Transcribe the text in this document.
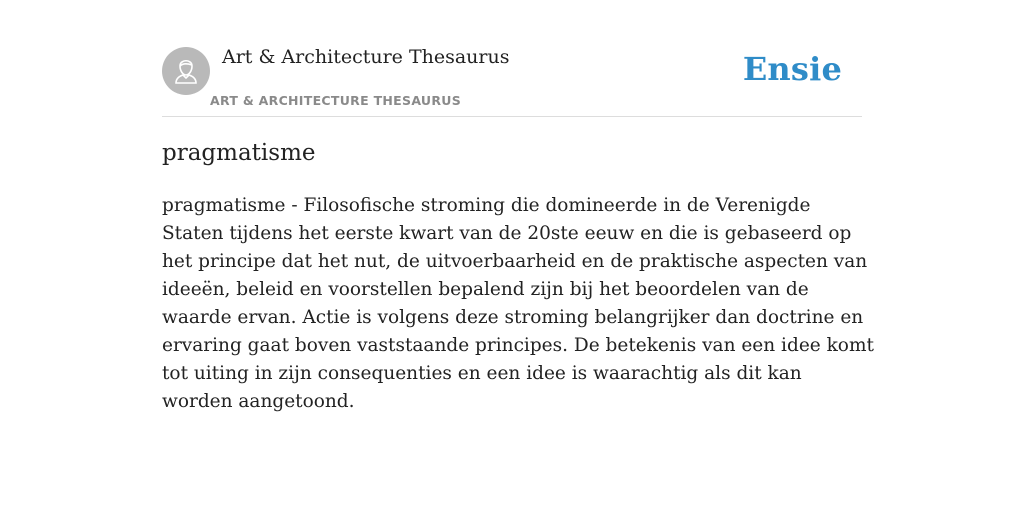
Art & Architecture Thesaurus
ART & ARCHITECTURE THESAURUS
Ensie
pragmatisme

pragmatisme - Filosofische stroming die domineerde in de Verenigde Staten tijdens het eerste kwart van de 20ste eeuw en die is gebaseerd op het principe dat het nut, de uitvoerbaarheid en de praktische aspecten van ideeën, beleid en voorstellen bepalend zijn bij het beoordelen van de waarde ervan. Actie is volgens deze stroming belangrijker dan doctrine en ervaring gaat boven vaststaande principes. De betekenis van een idee komt tot uiting in zijn consequenties en een idee is waarachtig als dit kan worden aangetoond.
